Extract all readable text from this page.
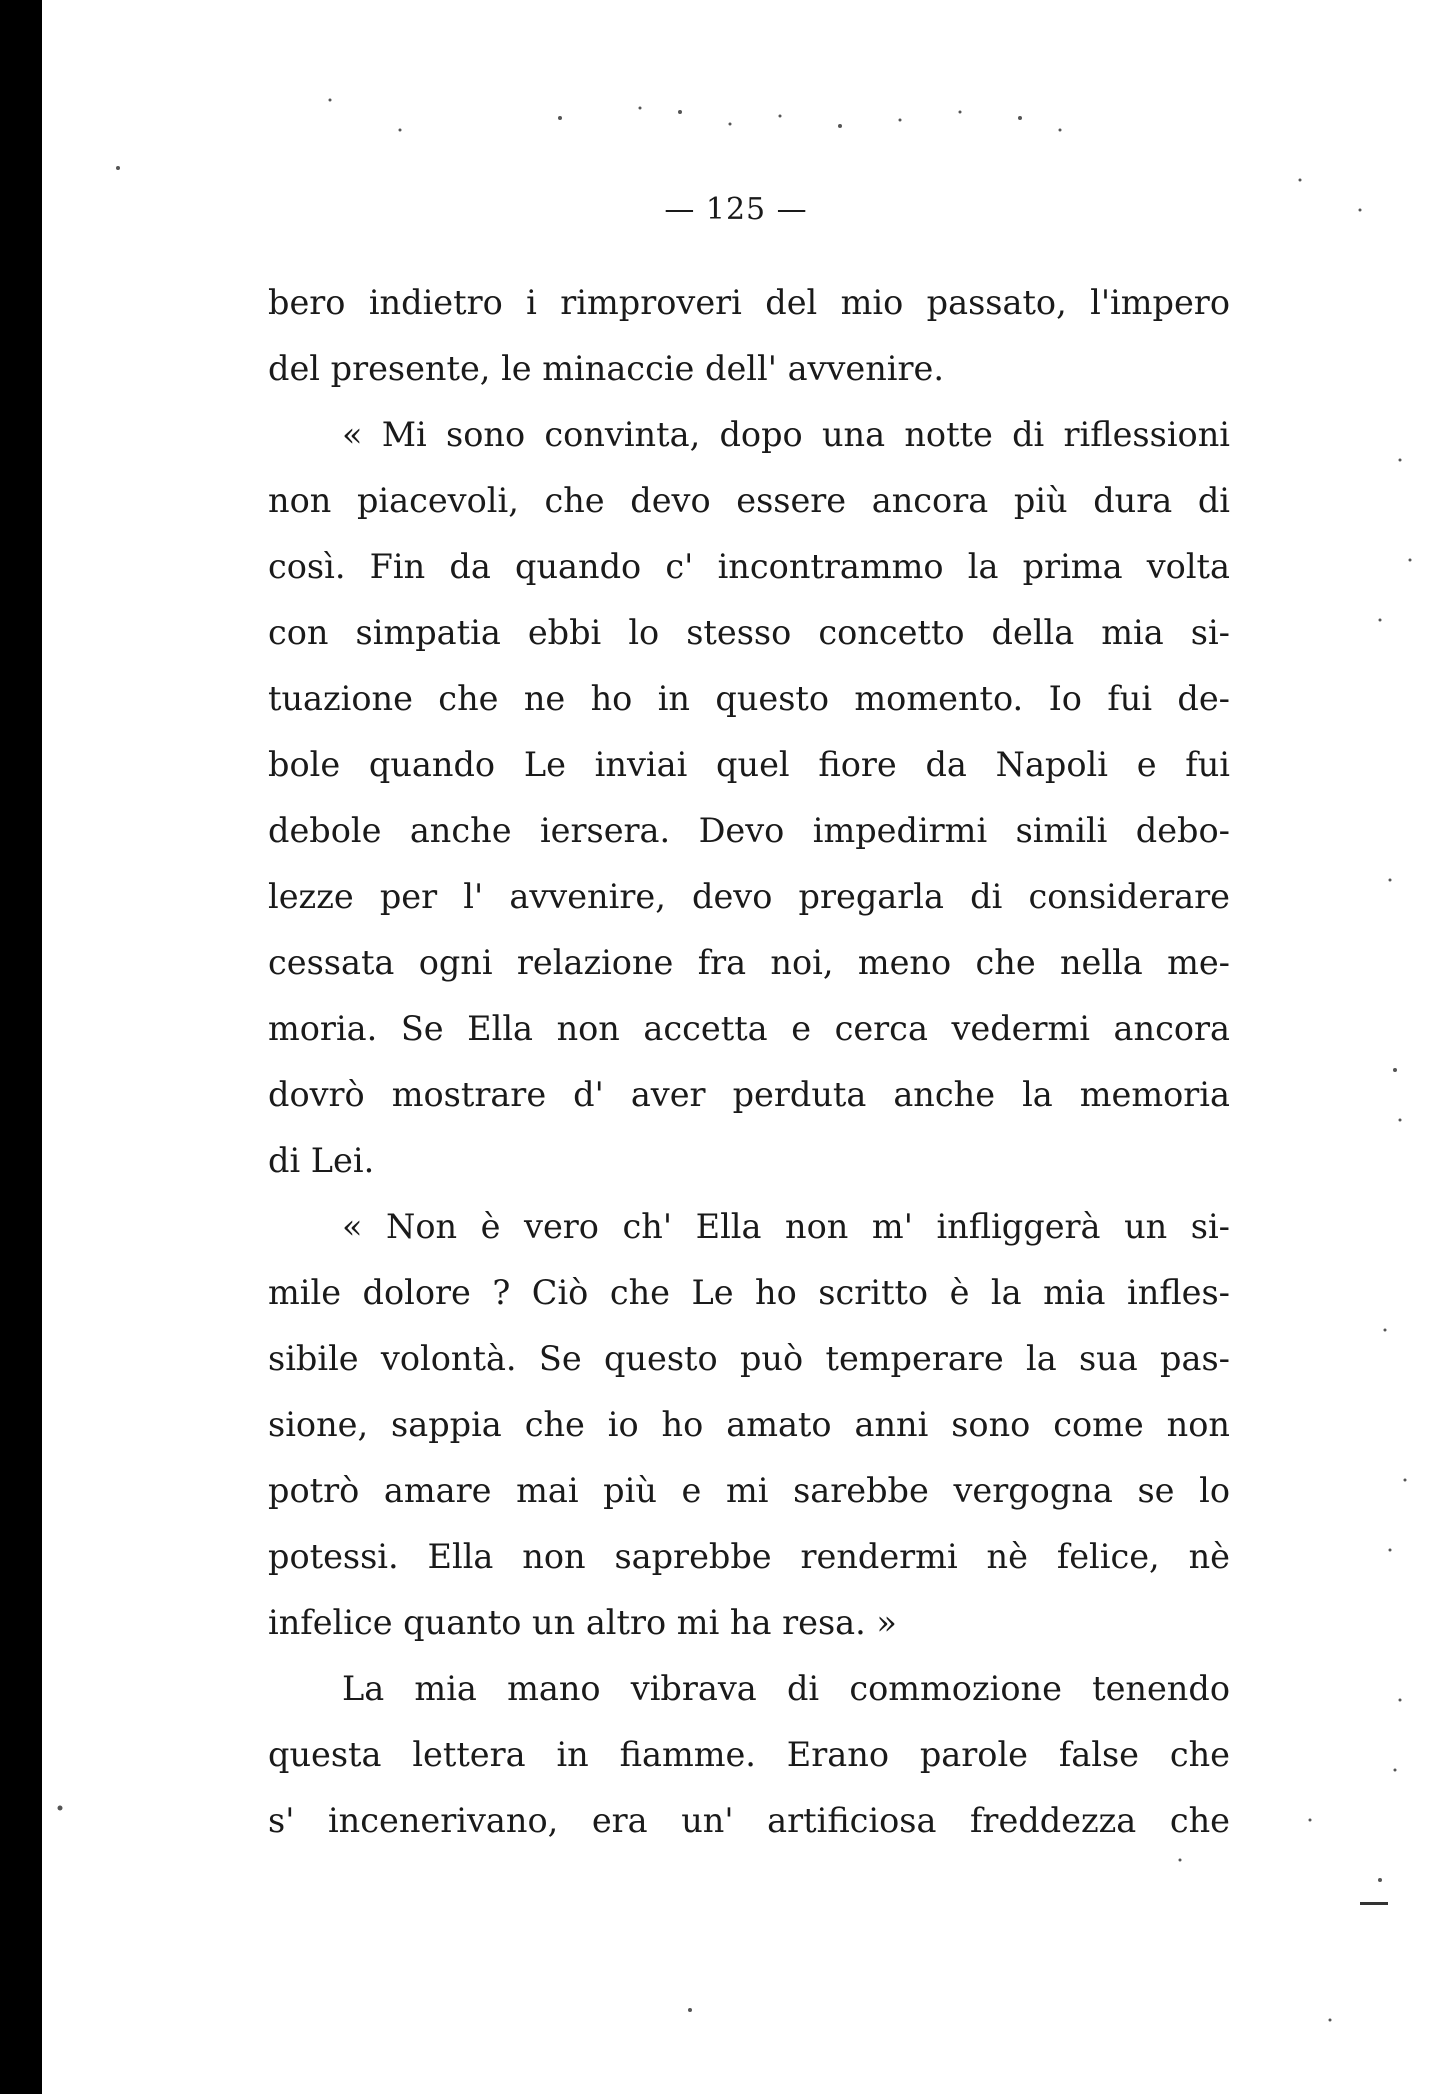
— 125 —
bero indietro i rimproveri del mio passato, l'impero
del presente, le minaccie dell' avvenire.
« Mi sono convinta, dopo una notte di riflessioni
non piacevoli, che devo essere ancora più dura di
così. Fin da quando c' incontrammo la prima volta
con simpatia ebbi lo stesso concetto della mia si-
tuazione che ne ho in questo momento. Io fui de-
bole quando Le inviai quel fiore da Napoli e fui
debole anche iersera. Devo impedirmi simili debo-
lezze per l' avvenire, devo pregarla di considerare
cessata ogni relazione fra noi, meno che nella me-
moria. Se Ella non accetta e cerca vedermi ancora
dovrò mostrare d' aver perduta anche la memoria
di Lei.
« Non è vero ch' Ella non m' infliggerà un si-
mile dolore ? Ciò che Le ho scritto è la mia infles-
sibile volontà. Se questo può temperare la sua pas-
sione, sappia che io ho amato anni sono come non
potrò amare mai più e mi sarebbe vergogna se lo
potessi. Ella non saprebbe rendermi nè felice, nè
infelice quanto un altro mi ha resa. »
La mia mano vibrava di commozione tenendo
questa lettera in fiamme. Erano parole false che
s' incenerivano, era un' artificiosa freddezza che
